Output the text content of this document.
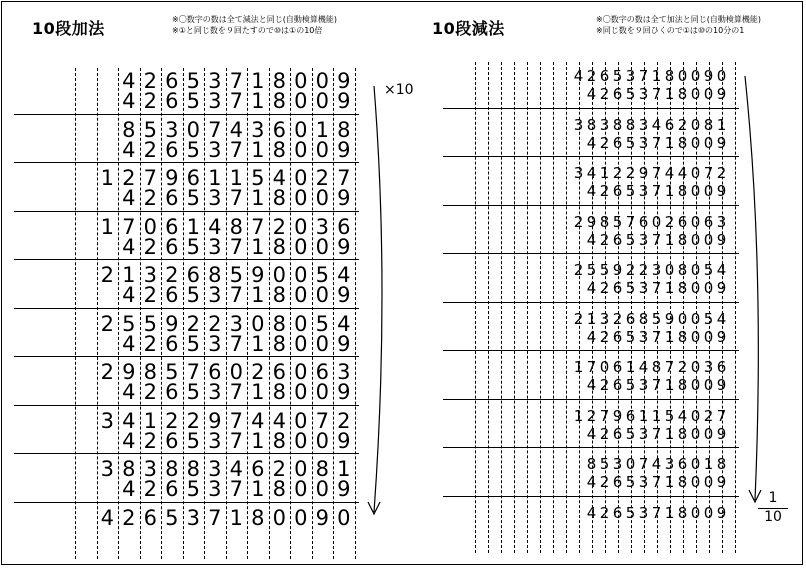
10段加法	※〇数字の数は全て減法と同じ(自動検算機能)
※①と同じ数を９回たすので⑩は①の10倍	10段減法	※〇数字の数は全て加法と同じ(自動検算機能)
※同じ数を９回ひくので①は⑩の10分の1
4 2 6 5 3 7 1 8 0 0 9
4 2 6 5 3 7 1 8 0 0 9
8 5 3 0 7 4 3 6 0 1 8
4 2 6 5 3 7 1 8 0 0 9
1 2 7 9 6 1 1 5 4 0 2 7
4 2 6 5 3 7 1 8 0 0 9
1 7 0 6 1 4 8 7 2 0 3 6
4 2 6 5 3 7 1 8 0 0 9
2 1 3 2 6 8 5 9 0 0 5 4
4 2 6 5 3 7 1 8 0 0 9
2 5 5 9 2 2 3 0 8 0 5 4
4 2 6 5 3 7 1 8 0 0 9
2 9 8 5 7 6 0 2 6 0 6 3
4 2 6 5 3 7 1 8 0 0 9
3 4 1 2 2 9 7 4 4 0 7 2
4 2 6 5 3 7 1 8 0 0 9
3 8 3 8 8 3 4 6 2 0 8 1
4 2 6 5 3 7 1 8 0 0 9
4 2 6 5 3 7 1 8 0 0 9 0
4 2 6 5 3 7 1 8 0 0 9 0
4 2 6 5 3 7 1 8 0 0 9
3 8 3 8 8 3 4 6 2 0 8 1
4 2 6 5 3 7 1 8 0 0 9
3 4 1 2 2 9 7 4 4 0 7 2
4 2 6 5 3 7 1 8 0 0 9
2 9 8 5 7 6 0 2 6 0 6 3
4 2 6 5 3 7 1 8 0 0 9
2 5 5 9 2 2 3 0 8 0 5 4
4 2 6 5 3 7 1 8 0 0 9
2 1 3 2 6 8 5 9 0 0 5 4
4 2 6 5 3 7 1 8 0 0 9
1 7 0 6 1 4 8 7 2 0 3 6
4 2 6 5 3 7 1 8 0 0 9
1 2 7 9 6 1 1 5 4 0 2 7
4 2 6 5 3 7 1 8 0 0 9
8 5 3 0 7 4 3 6 0 1 8
4 2 6 5 3 7 1 8 0 0 9
4 2 6 5 3 7 1 8 0 0 9
×10
1
10
